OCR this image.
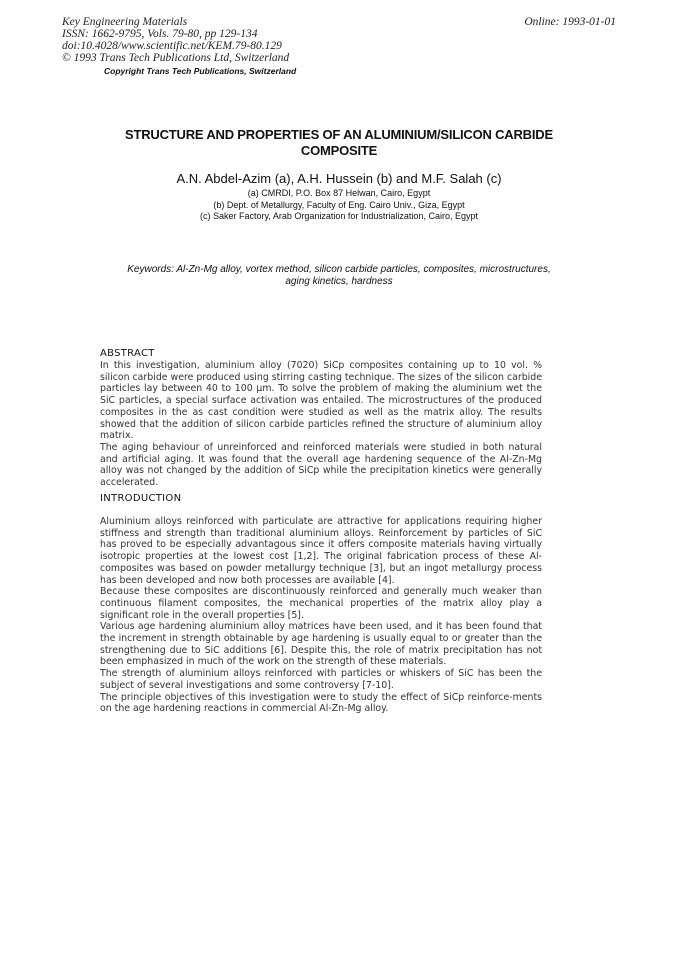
Key Engineering Materials
ISSN: 1662-9795, Vols. 79-80, pp 129-134
doi:10.4028/www.scientific.net/KEM.79-80.129
© 1993 Trans Tech Publications Ltd, Switzerland
Online: 1993-01-01
Copyright Trans Tech Publications, Switzerland
STRUCTURE AND PROPERTIES OF AN ALUMINIUM/SILICON CARBIDE
COMPOSITE
A.N. Abdel-Azim (a), A.H. Hussein (b) and M.F. Salah (c)
(a) CMRDI, P.O. Box 87 Helwan, Cairo, Egypt
(b) Dept. of Metallurgy, Faculty of Eng. Cairo Univ., Giza, Egypt
(c) Saker Factory, Arab Organization for Industrialization, Cairo, Egypt
Keywords: Al-Zn-Mg alloy, vortex method, silicon carbide particles, composites, microstructures,
aging kinetics, hardness
ABSTRACT

In this investigation, aluminium alloy (7020) SiCp composites containing up to 10 vol. % silicon carbide were produced using stirring casting technique. The sizes of the silicon carbide particles lay between 40 to 100 µm. To solve the problem of making the aluminium wet the SiC particles, a special surface activation was entailed. The microstructures of the produced composites in the as cast condition were studied as well as the matrix alloy. The results showed that the addition of silicon carbide particles refined the structure of aluminium alloy matrix.

The aging behaviour of unreinforced and reinforced materials were studied in both natural and artificial aging. It was found that the overall age hardening sequence of the Al-Zn-Mg alloy was not changed by the addition of SiCp while the precipitation kinetics were generally accelerated.

INTRODUCTION

Aluminium alloys reinforced with particulate are attractive for applications requiring higher stiffness and strength than traditional aluminium alloys. Reinforcement by particles of SiC has proved to be especially advantagous since it offers composite materials having virtually isotropic properties at the lowest cost [1,2]. The original fabrication process of these Al-composites was based on powder metallurgy technique [3], but an ingot metallurgy process has been developed and now both processes are available [4].

Because these composites are discontinuously reinforced and generally much weaker than continuous filament composites, the mechanical properties of the matrix alloy play a significant role in the overall properties [5].

Various age hardening aluminium alloy matrices have been used, and it has been found that the increment in strength obtainable by age hardening is usually equal to or greater than the strengthening due to SiC additions [6]. Despite this, the role of matrix precipitation has not been emphasized in much of the work on the strength of these materials.

The strength of aluminium alloys reinforced with particles or whiskers of SiC has been the subject of several investigations and some controversy [7-10].

The principle objectives of this investigation were to study the effect of SiCp reinforce-ments on the age hardening reactions in commercial Al-Zn-Mg alloy.
